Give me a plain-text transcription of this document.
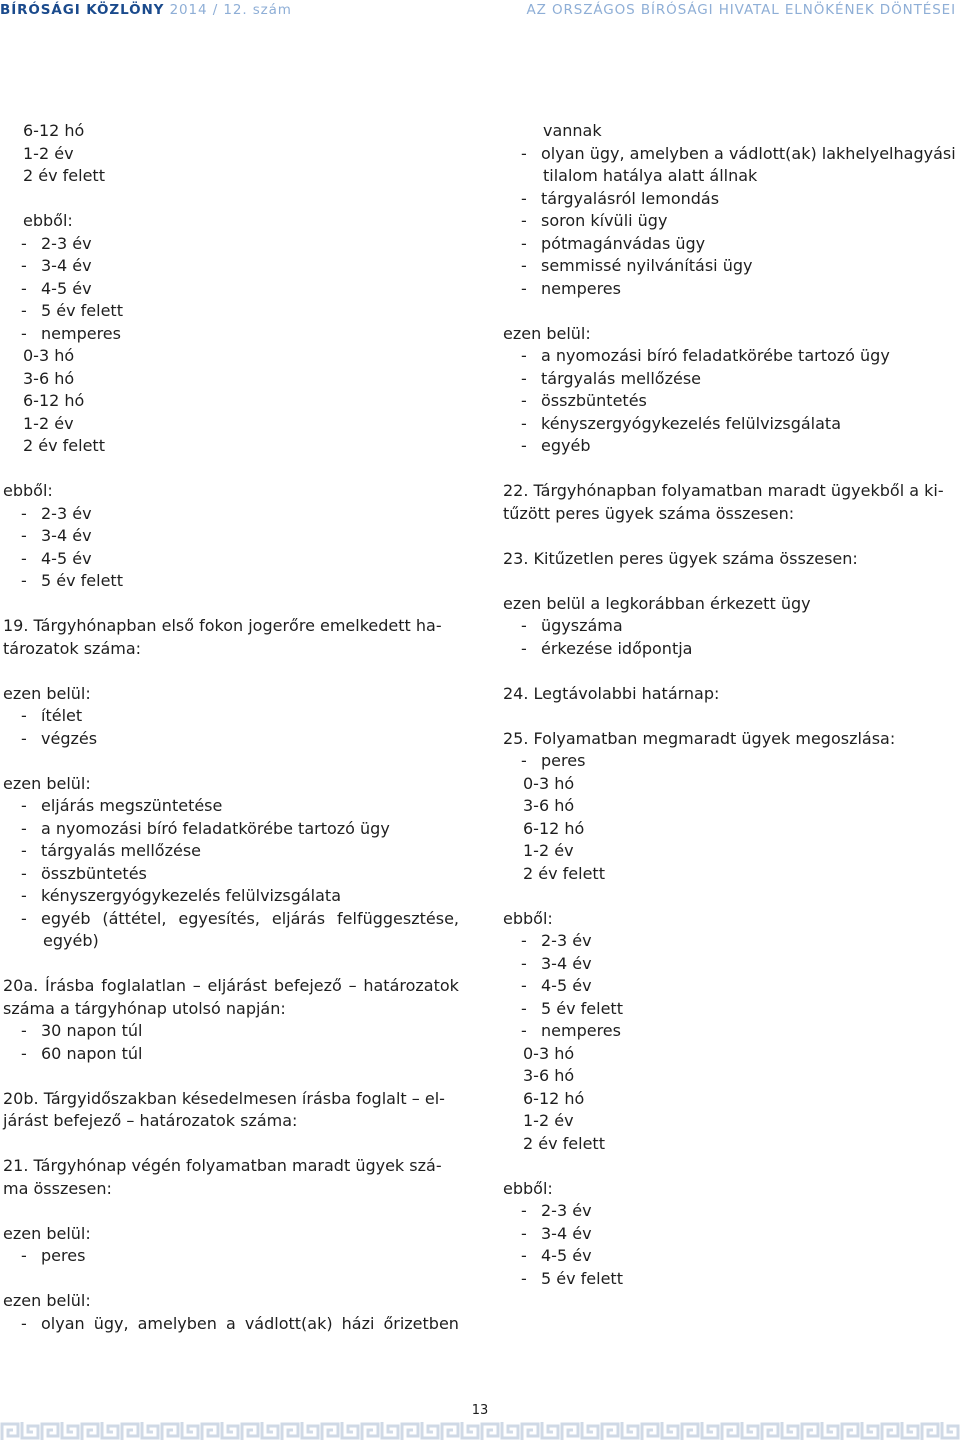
BÍRÓSÁGI KÖZLÖNY 2014 / 12. szám	AZ ORSZÁGOS BÍRÓSÁGI HIVATAL ELNÖKÉNEK DÖNTÉSEI
6-12 hó
1-2 év
2 év felett
ebből:
- 2-3 év
- 3-4 év
- 4-5 év
- 5 év felett
- nemperes
0-3 hó
3-6 hó
6-12 hó
1-2 év
2 év felett
ebből:
- 2-3 év
- 3-4 év
- 4-5 év
- 5 év felett
19. Tárgyhónapban első fokon jogerőre emelkedett ha-
tározatok száma:
ezen belül:
- ítélet
- végzés
ezen belül:
- eljárás megszüntetése
- a nyomozási bíró feladatkörébe tartozó ügy
- tárgyalás mellőzése
- összbüntetés
- kényszergyógykezelés felülvizsgálata
- egyéb (áttétel, egyesítés, eljárás felfüggesztése,
egyéb)
20a. Írásba foglalatlan – eljárást befejező – határozatok
száma a tárgyhónap utolsó napján:
- 30 napon túl
- 60 napon túl
20b. Tárgyidőszakban késedelmesen írásba foglalt – el-
járást befejező – határozatok száma:
21. Tárgyhónap végén folyamatban maradt ügyek szá-
ma összesen:
ezen belül:
- peres
ezen belül:
- olyan ügy, amelyben a vádlott(ak) házi őrizetben
vannak
- olyan ügy, amelyben a vádlott(ak) lakhelyelhagyási
tilalom hatálya alatt állnak
- tárgyalásról lemondás
- soron kívüli ügy
- pótmagánvádas ügy
- semmissé nyilvánítási ügy
- nemperes
ezen belül:
- a nyomozási bíró feladatkörébe tartozó ügy
- tárgyalás mellőzése
- összbüntetés
- kényszergyógykezelés felülvizsgálata
- egyéb
22. Tárgyhónapban folyamatban maradt ügyekből a ki-
tűzött peres ügyek száma összesen:
23. Kitűzetlen peres ügyek száma összesen:
ezen belül a legkorábban érkezett ügy
- ügyszáma
- érkezése időpontja
24. Legtávolabbi határnap:
25. Folyamatban megmaradt ügyek megoszlása:
- peres
0-3 hó
3-6 hó
6-12 hó
1-2 év
2 év felett
ebből:
- 2-3 év
- 3-4 év
- 4-5 év
- 5 év felett
- nemperes
0-3 hó
3-6 hó
6-12 hó
1-2 év
2 év felett
ebből:
- 2-3 év
- 3-4 év
- 4-5 év
- 5 év felett
13
